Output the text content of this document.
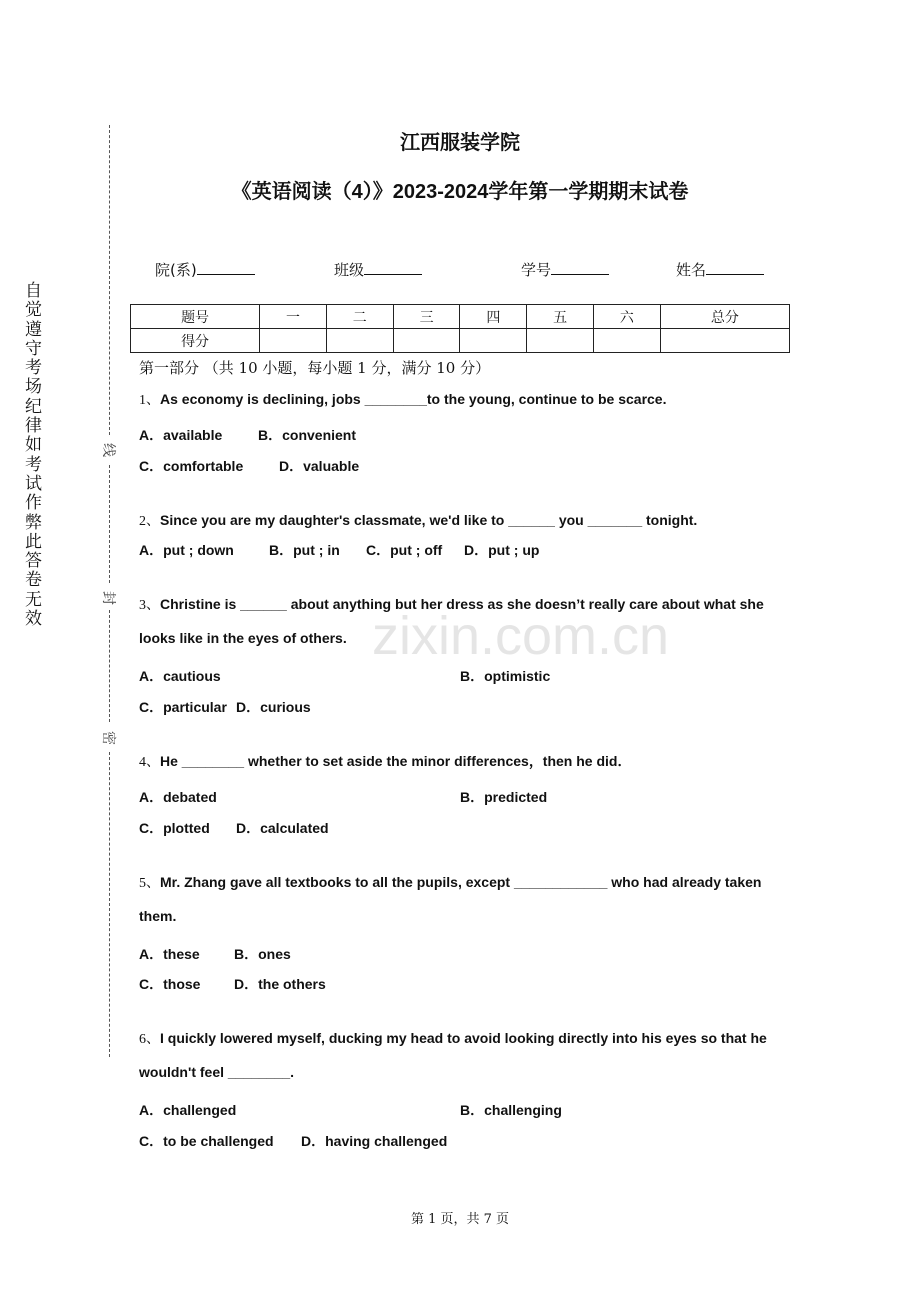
江西服装学院
《英语阅读（4）》2023-2024学年第一学期期末试卷
自觉遵守考场纪律如考试作弊此答卷无效
线
封
密
院(系)	班级	学号	姓名
题号	一	二	三	四	五	六	总分
得分							
第一部分 （共 10 小题，每小题 1 分，满分 10 分）
zixin.com.cn
1、As economy is declining, jobs ________to the young, continue to be scarce.
A．available	B．convenient
C．comfortable	D．valuable
2、Since you are my daughter's classmate, we'd like to ______ you _______ tonight.
A．put ; down	B．put ; in C．put ; off D．put ; up
3、Christine is ______ about anything but her dress as she doesn’t really care about what she
looks like in the eyes of others.
A．cautious	B．optimistic
C．particular D．curious
4、He ________ whether to set aside the minor differences，then he did．
A．debated	B．predicted
C．plotted D．calculated
5、Mr. Zhang gave all textbooks to all the pupils, except ____________ who had already taken
them.
A．these B．ones
C．those D．the others
6、I quickly lowered myself, ducking my head to avoid looking directly into his eyes so that he
wouldn't feel ________.
A．challenged	B．challenging
C．to be challenged D．having challenged
第 1 页，共 7 页
